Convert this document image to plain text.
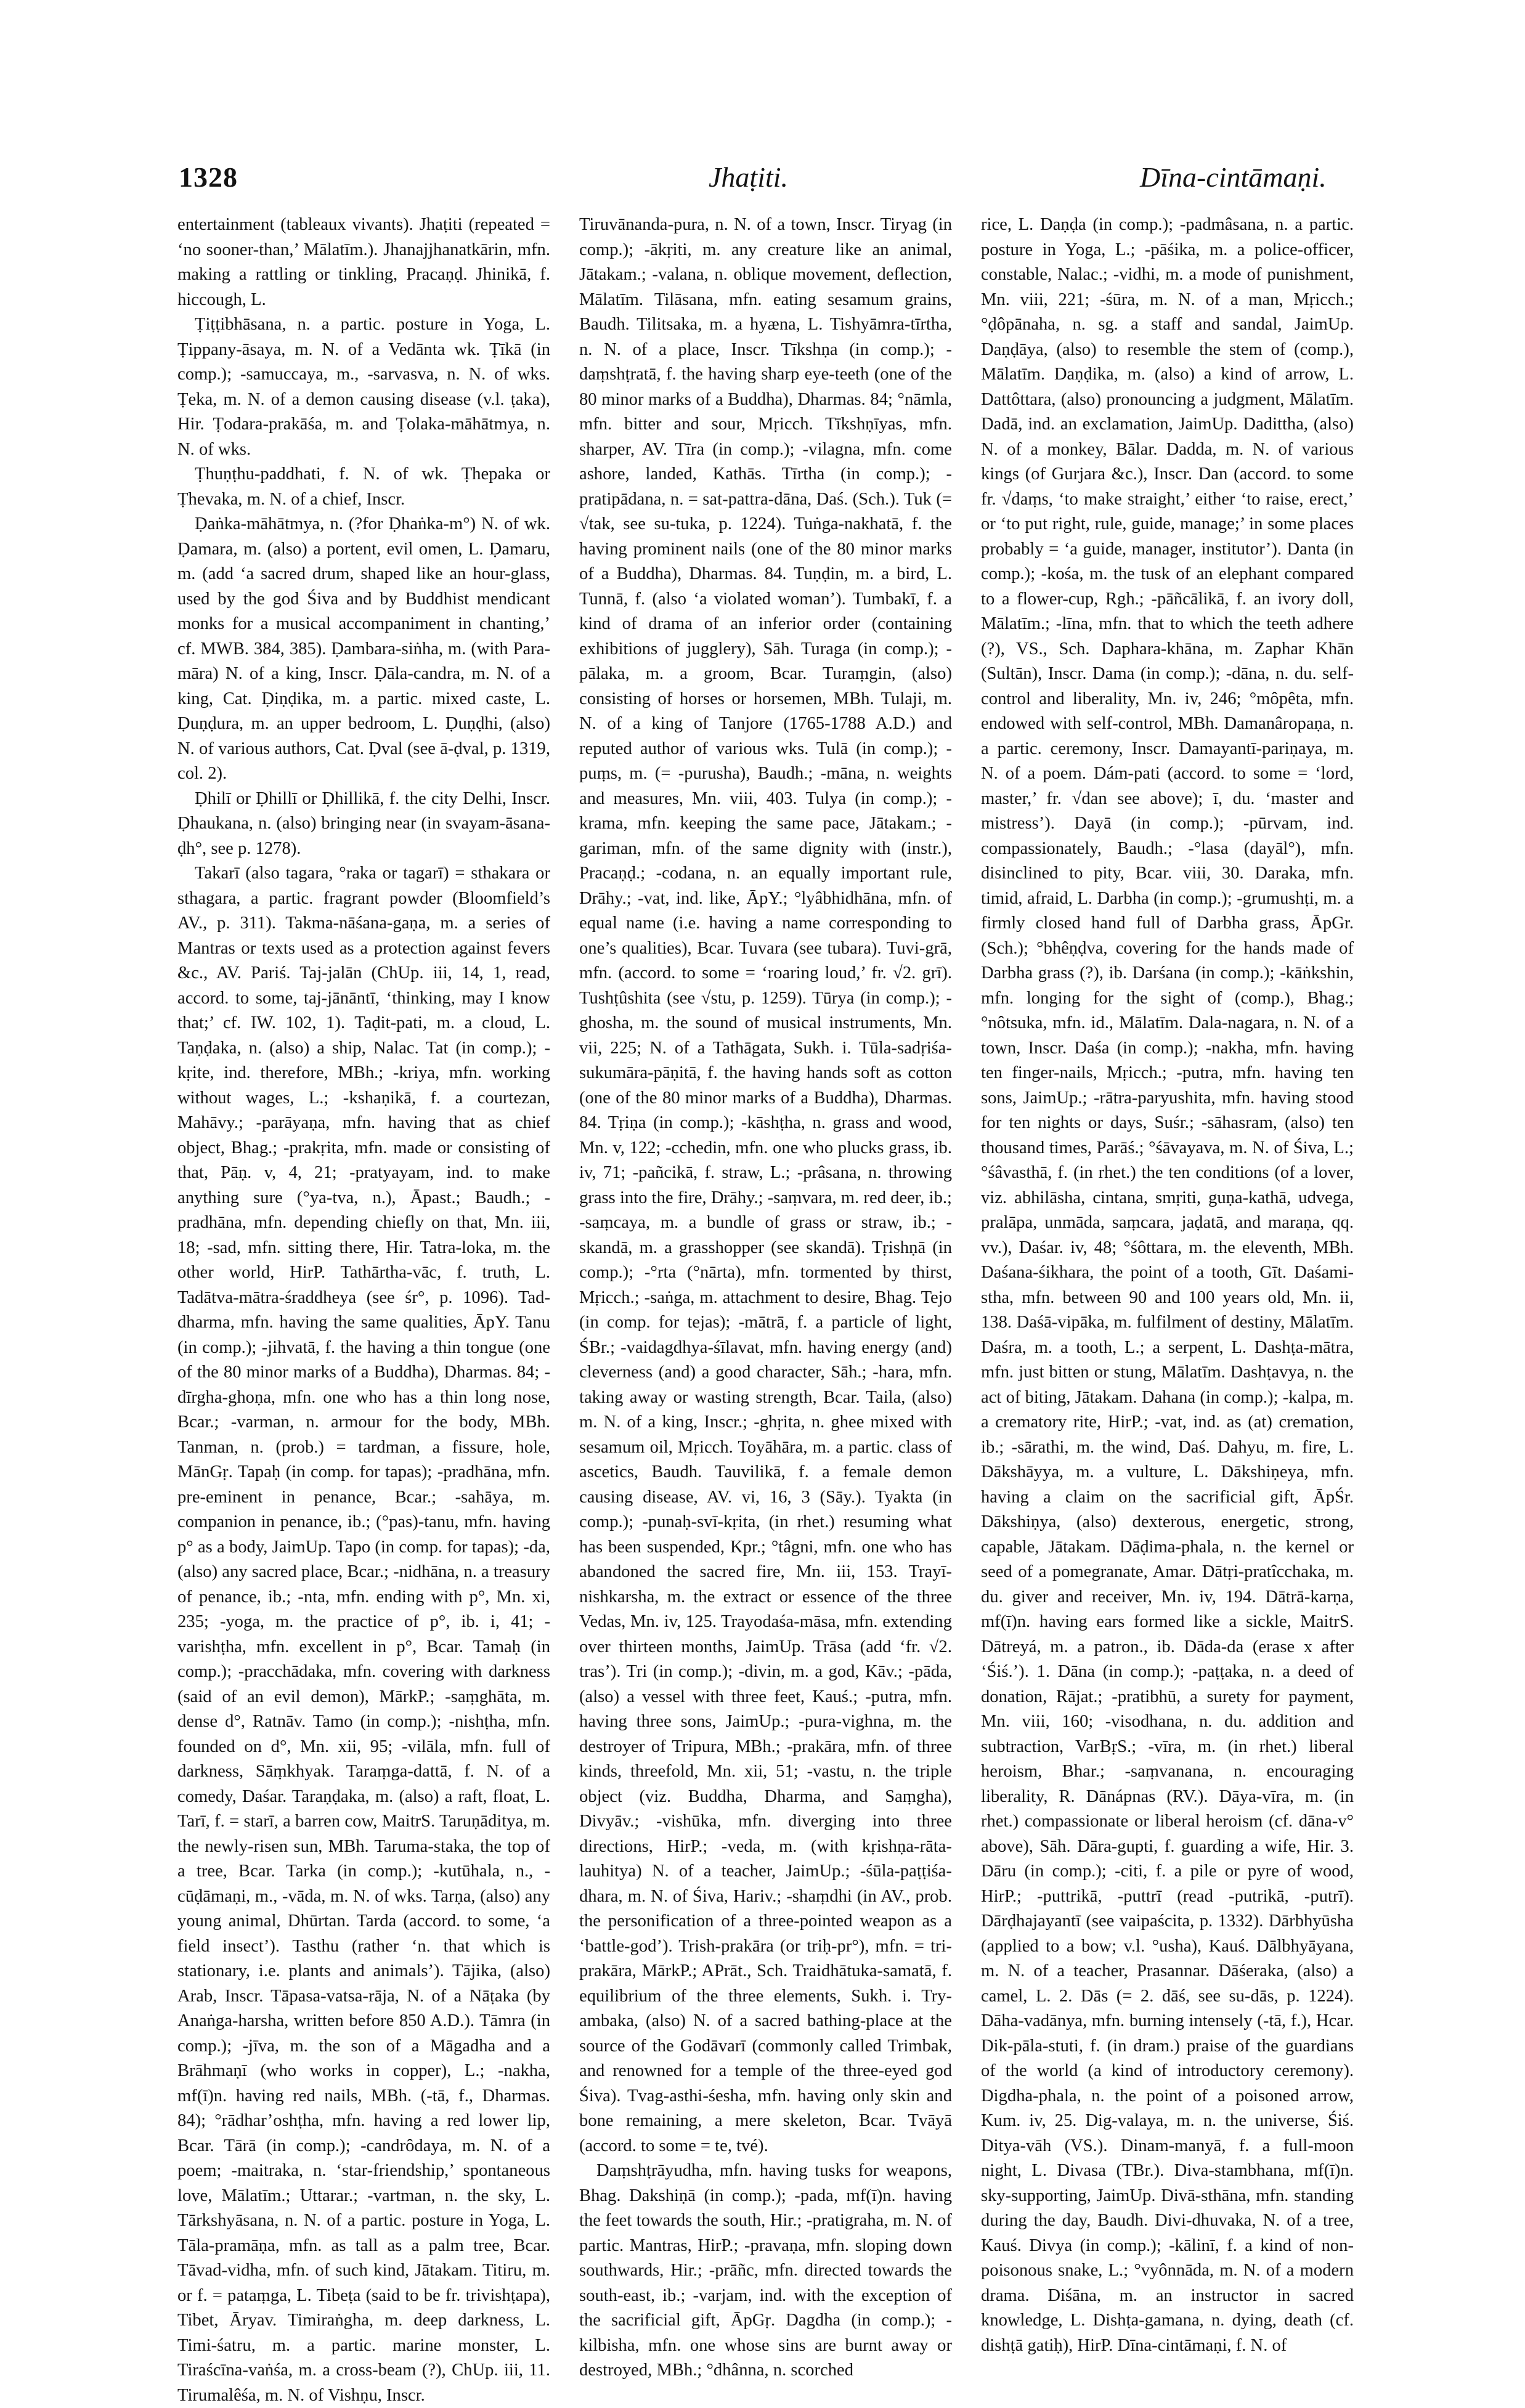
1328	Jhaṭiti.	Dīna-cintāmaṇi.

entertainment (tableaux vivants). Jhaṭiti (repeated = ‘no sooner-than,’ Mālatīm.). Jhanajjhanatkārin, mfn. making a rattling or tinkling, Pracaṇḍ. Jhinikā, f. hiccough, L.

Ṭiṭṭibhāsana, n. a partic. posture in Yoga, L. Ṭippany-āsaya, m. N. of a Vedānta wk. Ṭīkā (in comp.); -samuccaya, m., -sarvasva, n. N. of wks. Ṭeka, m. N. of a demon causing disease (v.l. ṭaka), Hir. Ṭodara-prakāśa, m. and Ṭolaka-māhātmya, n. N. of wks.

Ṭhuṇṭhu-paddhati, f. N. of wk. Ṭhepaka or Ṭhevaka, m. N. of a chief, Inscr.

Ḍaṅka-māhātmya, n. (?for Ḍhaṅka-m°) N. of wk. Ḍamara, m. (also) a portent, evil omen, L. Ḍamaru, m. (add ‘a sacred drum, shaped like an hour-glass, used by the god Śiva and by Buddhist mendicant monks for a musical accompaniment in chanting,’ cf. MWB. 384, 385). Ḍambara-siṅha, m. (with Para-māra) N. of a king, Inscr. Ḍāla-candra, m. N. of a king, Cat. Ḍiṇḍika, m. a partic. mixed caste, L. Ḍuṇḍura, m. an upper bedroom, L. Ḍuṇḍhi, (also) N. of various authors, Cat. Ḍval (see ā-ḍval, p. 1319, col. 2).

Ḍhilī or Ḍhillī or Ḍhillikā, f. the city Delhi, Inscr. Ḍhaukana, n. (also) bringing near (in svayam-āsana-ḍh°, see p. 1278).

Takarī (also tagara, °raka or tagarī) = sthakara or sthagara, a partic. fragrant powder (Bloomfield’s AV., p. 311). Takma-nāśana-gaṇa, m. a series of Mantras or texts used as a protection against fevers &c., AV. Pariś. Taj-jalān (ChUp. iii, 14, 1, read, accord. to some, taj-jānāntī, ‘thinking, may I know that;’ cf. IW. 102, 1). Taḍit-pati, m. a cloud, L. Taṇḍaka, n. (also) a ship, Nalac. Tat (in comp.); -kṛite, ind. therefore, MBh.; -kriya, mfn. working without wages, L.; -kshaṇikā, f. a courtezan, Mahāvy.; -parāyaṇa, mfn. having that as chief object, Bhag.; -prakṛita, mfn. made or consisting of that, Pāṇ. v, 4, 21; -pratyayam, ind. to make anything sure (°ya-tva, n.), Āpast.; Baudh.; -pradhāna, mfn. depending chiefly on that, Mn. iii, 18; -sad, mfn. sitting there, Hir. Tatra-loka, m. the other world, HirP. Tathārtha-vāc, f. truth, L. Tadātva-mātra-śraddheya (see śr°, p. 1096). Tad-dharma, mfn. having the same qualities, ĀpY. Tanu (in comp.); -jihvatā, f. the having a thin tongue (one of the 80 minor marks of a Buddha), Dharmas. 84; -dīrgha-ghoṇa, mfn. one who has a thin long nose, Bcar.; -varman, n. armour for the body, MBh. Tanman, n. (prob.) = tardman, a fissure, hole, MānGṛ. Tapaḥ (in comp. for tapas); -pradhāna, mfn. pre-eminent in penance, Bcar.; -sahāya, m. companion in penance, ib.; (°pas)-tanu, mfn. having p° as a body, JaimUp. Tapo (in comp. for tapas); -da, (also) any sacred place, Bcar.; -nidhāna, n. a treasury of penance, ib.; -nta, mfn. ending with p°, Mn. xi, 235; -yoga, m. the practice of p°, ib. i, 41; -varishṭha, mfn. excellent in p°, Bcar. Tamaḥ (in comp.); -pracchādaka, mfn. covering with darkness (said of an evil demon), MārkP.; -saṃghāta, m. dense d°, Ratnāv. Tamo (in comp.); -nishṭha, mfn. founded on d°, Mn. xii, 95; -vilāla, mfn. full of darkness, Sāṃkhyak. Taraṃga-dattā, f. N. of a comedy, Daśar. Taraṇḍaka, m. (also) a raft, float, L. Tarī, f. = starī, a barren cow, MaitrS. Taruṇāditya, m. the newly-risen sun, MBh. Taruma-staka, the top of a tree, Bcar. Tarka (in comp.); -kutūhala, n., -cūḍāmaṇi, m., -vāda, m. N. of wks. Tarṇa, (also) any young animal, Dhūrtan. Tarda (accord. to some, ‘a field insect’). Tasthu (rather ‘n. that which is stationary, i.e. plants and animals’). Tājika, (also) Arab, Inscr. Tāpasa-vatsa-rāja, N. of a Nāṭaka (by Anaṅga-harsha, written before 850 A.D.). Tāmra (in comp.); -jīva, m. the son of a Māgadha and a Brāhmaṇī (who works in copper), L.; -nakha, mf(ī)n. having red nails, MBh. (-tā, f., Dharmas. 84); °rādhar’oshṭha, mfn. having a red lower lip, Bcar. Tārā (in comp.); -candrôdaya, m. N. of a poem; -maitraka, n. ‘star-friendship,’ spontaneous love, Mālatīm.; Uttarar.; -vartman, n. the sky, L. Tārkshyāsana, n. N. of a partic. posture in Yoga, L. Tāla-pramāṇa, mfn. as tall as a palm tree, Bcar. Tāvad-vidha, mfn. of such kind, Jātakam. Titiru, m. or f. = pataṃga, L. Tibeṭa (said to be fr. trivishṭapa), Tibet, Āryav. Timiraṅgha, m. deep darkness, L. Timi-śatru, m. a partic. marine monster, L. Tiraścīna-vaṅśa, m. a cross-beam (?), ChUp. iii, 11. Tirumalêśa, m. N. of Vishṇu, Inscr.

Tiruvānanda-pura, n. N. of a town, Inscr. Tiryag (in comp.); -ākṛiti, m. any creature like an animal, Jātakam.; -valana, n. oblique movement, deflection, Mālatīm. Tilāsana, mfn. eating sesamum grains, Baudh. Tilitsaka, m. a hyæna, L. Tishyāmra-tīrtha, n. N. of a place, Inscr. Tīkshṇa (in comp.); -daṃshṭratā, f. the having sharp eye-teeth (one of the 80 minor marks of a Buddha), Dharmas. 84; °nāmla, mfn. bitter and sour, Mṛicch. Tīkshṇīyas, mfn. sharper, AV. Tīra (in comp.); -vilagna, mfn. come ashore, landed, Kathās. Tīrtha (in comp.); -pratipādana, n. = sat-pattra-dāna, Daś. (Sch.). Tuk (= √tak, see su-tuka, p. 1224). Tuṅga-nakhatā, f. the having prominent nails (one of the 80 minor marks of a Buddha), Dharmas. 84. Tuṇḍin, m. a bird, L. Tunnā, f. (also ‘a violated woman’). Tumbakī, f. a kind of drama of an inferior order (containing exhibitions of jugglery), Sāh. Turaga (in comp.); -pālaka, m. a groom, Bcar. Turaṃgin, (also) consisting of horses or horsemen, MBh. Tulaji, m. N. of a king of Tanjore (1765-1788 A.D.) and reputed author of various wks. Tulā (in comp.); -puṃs, m. (= -purusha), Baudh.; -māna, n. weights and measures, Mn. viii, 403. Tulya (in comp.); -krama, mfn. keeping the same pace, Jātakam.; -gariman, mfn. of the same dignity with (instr.), Pracaṇḍ.; -codana, n. an equally important rule, Drāhy.; -vat, ind. like, ĀpY.; °lyâbhidhāna, mfn. of equal name (i.e. having a name corresponding to one’s qualities), Bcar. Tuvara (see tubara). Tuvi-grā, mfn. (accord. to some = ‘roaring loud,’ fr. √2. grī). Tushṭûshita (see √stu, p. 1259). Tūrya (in comp.); -ghosha, m. the sound of musical instruments, Mn. vii, 225; N. of a Tathāgata, Sukh. i. Tūla-sadṛiśa-sukumāra-pāṇitā, f. the having hands soft as cotton (one of the 80 minor marks of a Buddha), Dharmas. 84. Tṛiṇa (in comp.); -kāshṭha, n. grass and wood, Mn. v, 122; -cchedin, mfn. one who plucks grass, ib. iv, 71; -pañcikā, f. straw, L.; -prâsana, n. throwing grass into the fire, Drāhy.; -saṃvara, m. red deer, ib.; -saṃcaya, m. a bundle of grass or straw, ib.; -skandā, m. a grasshopper (see skandā). Tṛishṇā (in comp.); -°rta (°nārta), mfn. tormented by thirst, Mṛicch.; -saṅga, m. attachment to desire, Bhag. Tejo (in comp. for tejas); -mātrā, f. a particle of light, ŚBr.; -vaidagdhya-śīlavat, mfn. having energy (and) cleverness (and) a good character, Sāh.; -hara, mfn. taking away or wasting strength, Bcar. Taila, (also) m. N. of a king, Inscr.; -ghṛita, n. ghee mixed with sesamum oil, Mṛicch. Toyāhāra, m. a partic. class of ascetics, Baudh. Tauvilikā, f. a female demon causing disease, AV. vi, 16, 3 (Sāy.). Tyakta (in comp.); -punaḥ-svī-kṛita, (in rhet.) resuming what has been suspended, Kpr.; °tâgni, mfn. one who has abandoned the sacred fire, Mn. iii, 153. Trayī-nishkarsha, m. the extract or essence of the three Vedas, Mn. iv, 125. Trayodaśa-māsa, mfn. extending over thirteen months, JaimUp. Trāsa (add ‘fr. √2. tras’). Tri (in comp.); -divin, m. a god, Kāv.; -pāda, (also) a vessel with three feet, Kauś.; -putra, mfn. having three sons, JaimUp.; -pura-vighna, m. the destroyer of Tripura, MBh.; -prakāra, mfn. of three kinds, threefold, Mn. xii, 51; -vastu, n. the triple object (viz. Buddha, Dharma, and Saṃgha), Divyāv.; -vishūka, mfn. diverging into three directions, HirP.; -veda, m. (with kṛishṇa-rāta-lauhitya) N. of a teacher, JaimUp.; -śūla-paṭṭiśa-dhara, m. N. of Śiva, Hariv.; -shaṃdhi (in AV., prob. the personification of a three-pointed weapon as a ‘battle-god’). Trish-prakāra (or triḥ-pr°), mfn. = tri-prakāra, MārkP.; APrāt., Sch. Traidhātuka-samatā, f. equilibrium of the three elements, Sukh. i. Try-ambaka, (also) N. of a sacred bathing-place at the source of the Godāvarī (commonly called Trimbak, and renowned for a temple of the three-eyed god Śiva). Tvag-asthi-śesha, mfn. having only skin and bone remaining, a mere skeleton, Bcar. Tvāyā (accord. to some = te, tvé).

Daṃshṭrāyudha, mfn. having tusks for weapons, Bhag. Dakshiṇā (in comp.); -pada, mf(ī)n. having the feet towards the south, Hir.; -pratigraha, m. N. of partic. Mantras, HirP.; -pravaṇa, mfn. sloping down southwards, Hir.; -prāñc, mfn. directed towards the south-east, ib.; -varjam, ind. with the exception of the sacrificial gift, ĀpGṛ. Dagdha (in comp.); -kilbisha, mfn. one whose sins are burnt away or destroyed, MBh.; °dhânna, n. scorched

rice, L. Daṇḍa (in comp.); -padmâsana, n. a partic. posture in Yoga, L.; -pāśika, m. a police-officer, constable, Nalac.; -vidhi, m. a mode of punishment, Mn. viii, 221; -śūra, m. N. of a man, Mṛicch.; °ḍôpānaha, n. sg. a staff and sandal, JaimUp. Daṇḍāya, (also) to resemble the stem of (comp.), Mālatīm. Daṇḍika, m. (also) a kind of arrow, L. Dattôttara, (also) pronouncing a judgment, Mālatīm. Dadā, ind. an exclamation, JaimUp. Dadittha, (also) N. of a monkey, Bālar. Dadda, m. N. of various kings (of Gurjara &c.), Inscr. Dan (accord. to some fr. √daṃs, ‘to make straight,’ either ‘to raise, erect,’ or ‘to put right, rule, guide, manage;’ in some places probably = ‘a guide, manager, institutor’). Danta (in comp.); -kośa, m. the tusk of an elephant compared to a flower-cup, Rgh.; -pāñcālikā, f. an ivory doll, Mālatīm.; -līna, mfn. that to which the teeth adhere (?), VS., Sch. Daphara-khāna, m. Zaphar Khān (Sultān), Inscr. Dama (in comp.); -dāna, n. du. self-control and liberality, Mn. iv, 246; °môpêta, mfn. endowed with self-control, MBh. Damanâropaṇa, n. a partic. ceremony, Inscr. Damayantī-pariṇaya, m. N. of a poem. Dám-pati (accord. to some = ‘lord, master,’ fr. √dan see above); ī, du. ‘master and mistress’). Dayā (in comp.); -pūrvam, ind. compassionately, Baudh.; -°lasa (dayāl°), mfn. disinclined to pity, Bcar. viii, 30. Daraka, mfn. timid, afraid, L. Darbha (in comp.); -grumushṭi, m. a firmly closed hand full of Darbha grass, ĀpGr. (Sch.); °bhêṇḍva, covering for the hands made of Darbha grass (?), ib. Darśana (in comp.); -kāṅkshin, mfn. longing for the sight of (comp.), Bhag.; °nôtsuka, mfn. id., Mālatīm. Dala-nagara, n. N. of a town, Inscr. Daśa (in comp.); -nakha, mfn. having ten finger-nails, Mṛicch.; -putra, mfn. having ten sons, JaimUp.; -rātra-paryushita, mfn. having stood for ten nights or days, Suśr.; -sāhasram, (also) ten thousand times, Parāś.; °śāvayava, m. N. of Śiva, L.; °śâvasthā, f. (in rhet.) the ten conditions (of a lover, viz. abhilāsha, cintana, smṛiti, guṇa-kathā, udvega, pralāpa, unmāda, saṃcara, jaḍatā, and maraṇa, qq. vv.), Daśar. iv, 48; °śôttara, m. the eleventh, MBh. Daśana-śikhara, the point of a tooth, Gīt. Daśami-stha, mfn. between 90 and 100 years old, Mn. ii, 138. Daśā-vipāka, m. fulfilment of destiny, Mālatīm. Daśra, m. a tooth, L.; a serpent, L. Dashṭa-mātra, mfn. just bitten or stung, Mālatīm. Dashṭavya, n. the act of biting, Jātakam. Dahana (in comp.); -kalpa, m. a crematory rite, HirP.; -vat, ind. as (at) cremation, ib.; -sārathi, m. the wind, Daś. Dahyu, m. fire, L. Dākshāyya, m. a vulture, L. Dākshiṇeya, mfn. having a claim on the sacrificial gift, ĀpŚr. Dākshiṇya, (also) dexterous, energetic, strong, capable, Jātakam. Dāḍima-phala, n. the kernel or seed of a pomegranate, Amar. Dātṛi-pratîcchaka, m. du. giver and receiver, Mn. iv, 194. Dātrā-karṇa, mf(ī)n. having ears formed like a sickle, MaitrS. Dātreyá, m. a patron., ib. Dāda-da (erase x after ‘Śiś.’). 1. Dāna (in comp.); -paṭṭaka, n. a deed of donation, Rājat.; -pratibhū, a surety for payment, Mn. viii, 160; -visodhana, n. du. addition and subtraction, VarBṛS.; -vīra, m. (in rhet.) liberal heroism, Bhar.; -saṃvanana, n. encouraging liberality, R. Dānápnas (RV.). Dāya-vīra, m. (in rhet.) compassionate or liberal heroism (cf. dāna-v° above), Sāh. Dāra-gupti, f. guarding a wife, Hir. 3. Dāru (in comp.); -citi, f. a pile or pyre of wood, HirP.; -puttrikā, -puttrī (read -putrikā, -putrī). Dārḍhajayantī (see vaipaścita, p. 1332). Dārbhyūsha (applied to a bow; v.l. °usha), Kauś. Dālbhyāyana, m. N. of a teacher, Prasannar. Dāśeraka, (also) a camel, L. 2. Dās (= 2. dāś, see su-dās, p. 1224). Dāha-vadānya, mfn. burning intensely (-tā, f.), Hcar. Dik-pāla-stuti, f. (in dram.) praise of the guardians of the world (a kind of introductory ceremony). Digdha-phala, n. the point of a poisoned arrow, Kum. iv, 25. Dig-valaya, m. n. the universe, Śiś. Ditya-vāh (VS.). Dinam-manyā, f. a full-moon night, L. Divasa (TBr.). Diva-stambhana, mf(ī)n. sky-supporting, JaimUp. Divā-sthāna, mfn. standing during the day, Baudh. Divi-dhuvaka, N. of a tree, Kauś. Divya (in comp.); -kālinī, f. a kind of non-poisonous snake, L.; °vyônnāda, m. N. of a modern drama. Diśāna, m. an instructor in sacred knowledge, L. Dishṭa-gamana, n. dying, death (cf. dishṭā gatiḥ), HirP. Dīna-cintāmaṇi, f. N. of
